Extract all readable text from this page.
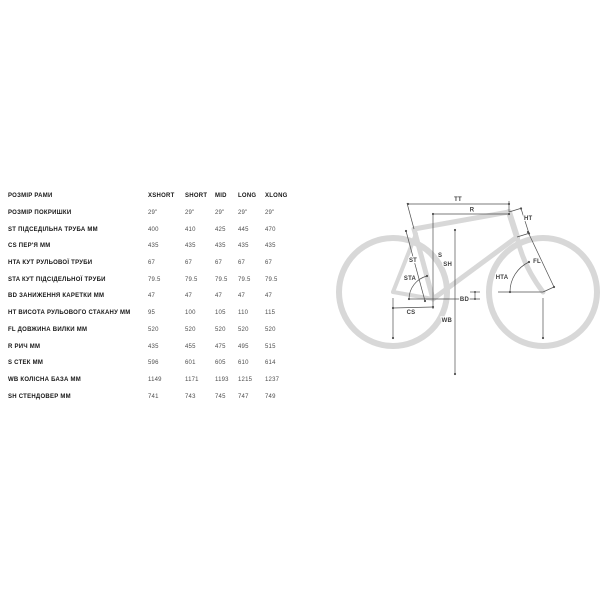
РОЗМІР РАМИ	XSHORT	SHORT	MID	LONG	XLONG
РОЗМІР ПОКРИШКИ	29"	29"	29"	29"	29"
ST ПІДСЕДІЛЬНА ТРУБА ММ	400	410	425	445	470
CS ПЕР'Я ММ	435	435	435	435	435
HTA КУТ РУЛЬОВОЇ ТРУБИ	67	67	67	67	67
STA КУТ ПІДСІДЕЛЬНОЇ ТРУБИ	79.5	79.5	79.5	79.5	79.5
BD ЗАНИЖЕННЯ КАРЕТКИ ММ	47	47	47	47	47
HT ВИСОТА РУЛЬОВОГО СТАКАНУ ММ	95	100	105	110	115
FL ДОВЖИНА ВИЛКИ ММ	520	520	520	520	520
R РИЧ ММ	435	455	475	495	515
S СТЕК ММ	596	601	605	610	614
WB КОЛІСНА БАЗА ММ	1149	1171	1193	1215	1237
SH СТЕНДОВЕР ММ	741	743	745	747	749
TT
R
HT
FL
HTA
STA
ST
S
SH
WB
BD
CS
